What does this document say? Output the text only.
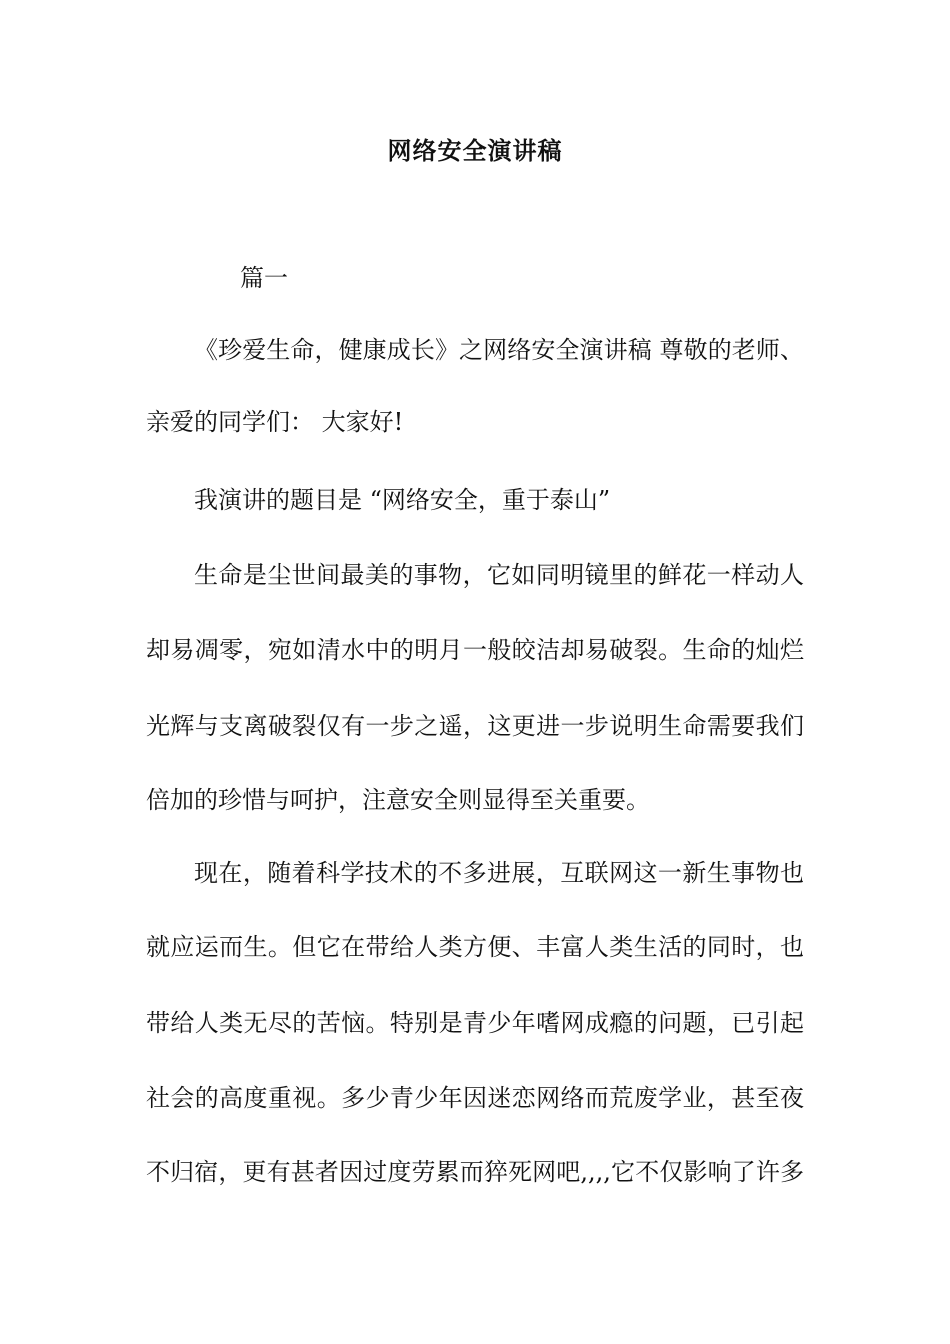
网络安全演讲稿
篇一
《珍爱生命，健康成长》之网络安全演讲稿 尊敬的老师、
亲爱的同学们： 大家好!
我演讲的题目是 “网络安全，重于泰山”
生命是尘世间最美的事物，它如同明镜里的鲜花一样动人
却易凋零，宛如清水中的明月一般皎洁却易破裂。生命的灿烂
光辉与支离破裂仅有一步之遥，这更进一步说明生命需要我们
倍加的珍惜与呵护，注意安全则显得至关重要。
现在，随着科学技术的不多进展，互联网这一新生事物也
就应运而生。但它在带给人类方便、丰富人类生活的同时，也
带给人类无尽的苦恼。特别是青少年嗜网成瘾的问题，已引起
社会的高度重视。多少青少年因迷恋网络而荒废学业，甚至夜
不归宿，更有甚者因过度劳累而猝死网吧,,,,它不仅影响了许多
